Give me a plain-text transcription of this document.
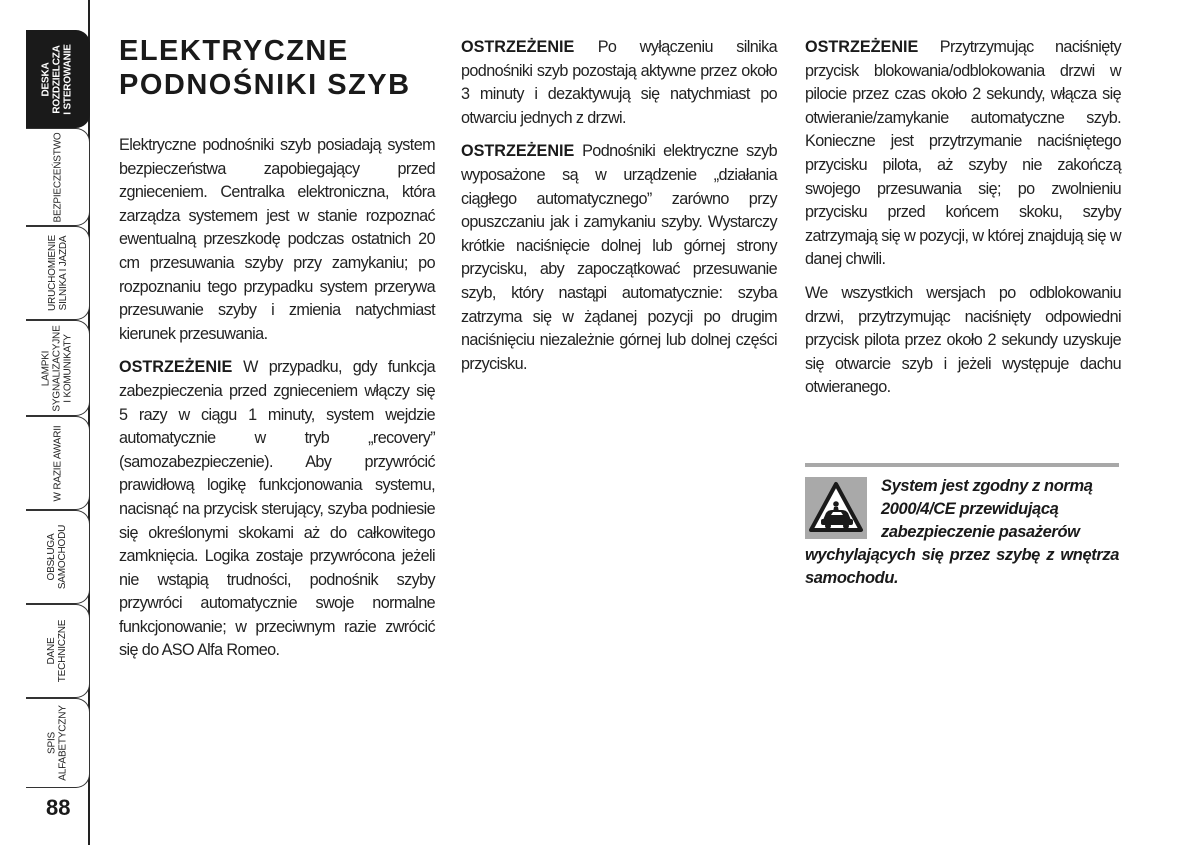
DESKA
ROZDZIELCZA
I STEROWANIE
BEZPIECZEŃSTWO
URUCHOMIENIE
SILNIKA I JAZDA
LAMPKI
SYGNALIZACYJNE
I KOMUNIKATY
W RAZIE AWARII
OBSŁUGA
SAMOCHODU
DANE
TECHNICZNE
SPIS
ALFABETYCZNY
88
ELEKTRYCZNE
PODNOŚNIKI SZYB

Elektryczne podnośniki szyb posiadają system bezpieczeństwa zapobiegający przed zgnieceniem. Centralka elektroniczna, która zarządza systemem jest w stanie rozpoznać ewentualną przeszkodę podczas ostatnich 20 cm przesuwania szyby przy zamykaniu; po rozpoznaniu tego przypadku system przerywa przesuwanie szyby i zmienia natychmiast kierunek przesuwania.

OSTRZEŻENIE W przypadku, gdy funkcja zabezpieczenia przed zgnieceniem włączy się 5 razy w ciągu 1 minuty, system wejdzie automatycznie w tryb „recovery” (samozabezpieczenie). Aby przywrócić prawidłową logikę funkcjonowania systemu, nacisnąć na przycisk sterujący, szyba podniesie się określonymi skokami aż do całkowitego zamknięcia. Logika zostaje przywrócona jeżeli nie wstąpią trudności, podnośnik szyby przywróci automatycznie swoje normalne funkcjonowanie; w przeciwnym razie zwrócić się do ASO Alfa Romeo.

OSTRZEŻENIE Po wyłączeniu silnika podnośniki szyb pozostają aktywne przez około 3 minuty i dezaktywują się natychmiast po otwarciu jednych z drzwi.

OSTRZEŻENIE Podnośniki elektryczne szyb wyposażone są w urządzenie „działania ciągłego automatycznego” zarówno przy opuszczaniu jak i zamykaniu szyby. Wystarczy krótkie naciśnięcie dolnej lub górnej strony przycisku, aby zapoczątkować przesuwanie szyb, który nastąpi automatycznie: szyba zatrzyma się w żądanej pozycji po drugim naciśnięciu niezależnie górnej lub dolnej części przycisku.

OSTRZEŻENIE Przytrzymując naciśnięty przycisk blokowania/odblokowania drzwi w pilocie przez czas około 2 sekundy, włącza się otwieranie/zamykanie automatyczne szyb. Konieczne jest przytrzymanie naciśniętego przycisku pilota, aż szyby nie zakończą swojego przesuwania się; po zwolnieniu przycisku przed końcem skoku, szyby zatrzymają się w pozycji, w której znajdują się w danej chwili.

We wszystkich wersjach po odblokowaniu drzwi, przytrzymując naciśnięty odpowiedni przycisk pilota przez około 2 sekundy uzyskuje się otwarcie szyb i jeżeli występuje dachu otwieranego.

System jest zgodny z normą
2000/4/CE przewidującą
zabezpieczenie pasażerów
wychylających się przez szybę z wnętrza samochodu.
